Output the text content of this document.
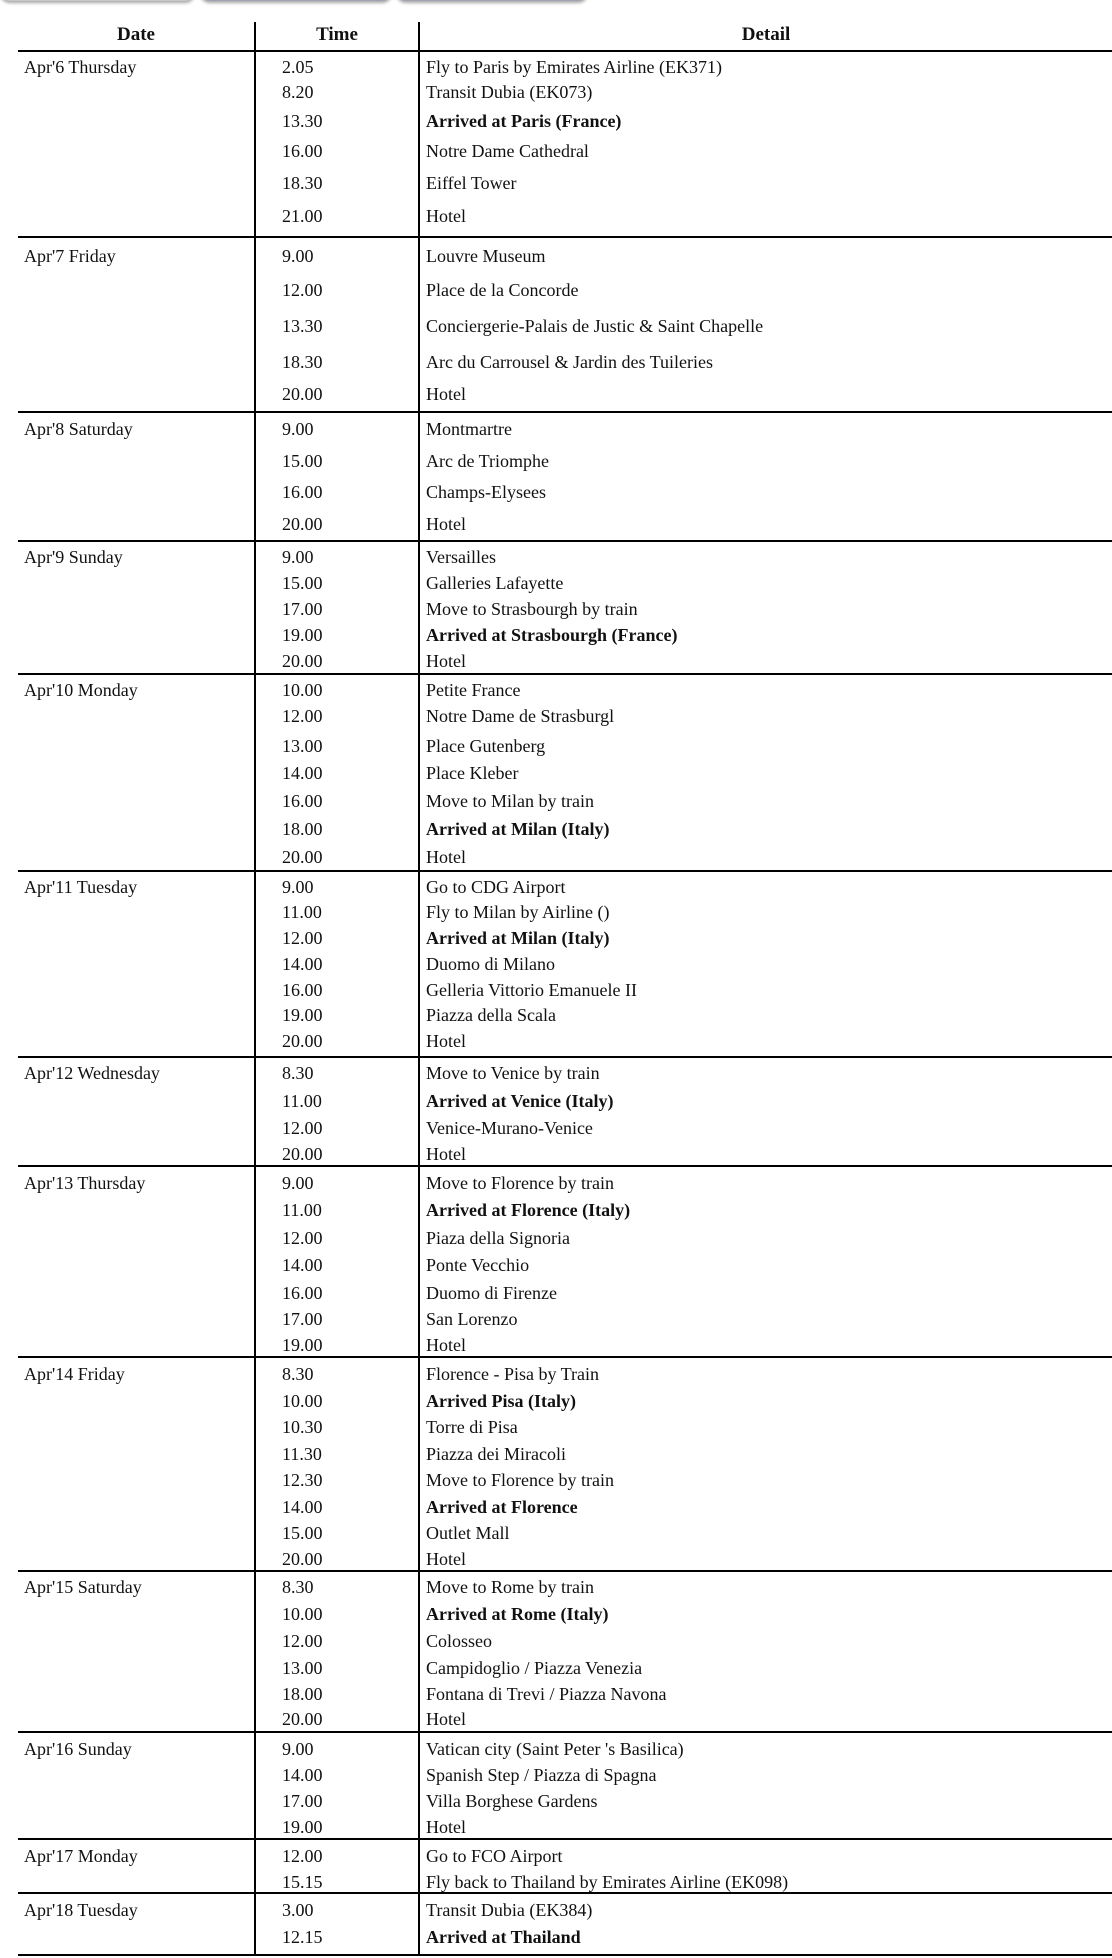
Date	Time	Detail
Apr'6 Thursday	2.05	Fly to Paris by Emirates Airline (EK371)
8.20	Transit Dubia (EK073)
13.30	Arrived at Paris (France)
16.00	Notre Dame Cathedral
18.30	Eiffel Tower
21.00	Hotel
Apr'7 Friday	9.00	Louvre Museum
12.00	Place de la Concorde
13.30	Conciergerie-Palais de Justic & Saint Chapelle
18.30	Arc du Carrousel & Jardin des Tuileries
20.00	Hotel
Apr'8 Saturday	9.00	Montmartre
15.00	Arc de Triomphe
16.00	Champs-Elysees
20.00	Hotel
Apr'9 Sunday	9.00	Versailles
15.00	Galleries Lafayette
17.00	Move to Strasbourgh by train
19.00	Arrived at Strasbourgh (France)
20.00	Hotel
Apr'10 Monday	10.00	Petite France
12.00	Notre Dame de Strasburgl
13.00	Place Gutenberg
14.00	Place Kleber
16.00	Move to Milan by train
18.00	Arrived at Milan (Italy)
20.00	Hotel
Apr'11 Tuesday	9.00	Go to CDG Airport
11.00	Fly to Milan by Airline ()
12.00	Arrived at Milan (Italy)
14.00	Duomo di Milano
16.00	Gelleria Vittorio Emanuele II
19.00	Piazza della Scala
20.00	Hotel
Apr'12 Wednesday	8.30	Move to Venice by train
11.00	Arrived at Venice (Italy)
12.00	Venice-Murano-Venice
20.00	Hotel
Apr'13 Thursday	9.00	Move to Florence by train
11.00	Arrived at Florence (Italy)
12.00	Piaza della Signoria
14.00	Ponte Vecchio
16.00	Duomo di Firenze
17.00	San Lorenzo
19.00	Hotel
Apr'14 Friday	8.30	Florence - Pisa by Train
10.00	Arrived Pisa (Italy)
10.30	Torre di Pisa
11.30	Piazza dei Miracoli
12.30	Move to Florence by train
14.00	Arrived at Florence
15.00	Outlet Mall
20.00	Hotel
Apr'15 Saturday	8.30	Move to Rome by train
10.00	Arrived at Rome (Italy)
12.00	Colosseo
13.00	Campidoglio / Piazza Venezia
18.00	Fontana di Trevi / Piazza Navona
20.00	Hotel
Apr'16 Sunday	9.00	Vatican city (Saint Peter 's Basilica)
14.00	Spanish Step / Piazza di Spagna
17.00	Villa Borghese Gardens
19.00	Hotel
Apr'17 Monday	12.00	Go to FCO Airport
15.15	Fly back to Thailand by Emirates Airline (EK098)
Apr'18 Tuesday	3.00	Transit Dubia (EK384)
12.15	Arrived at Thailand
